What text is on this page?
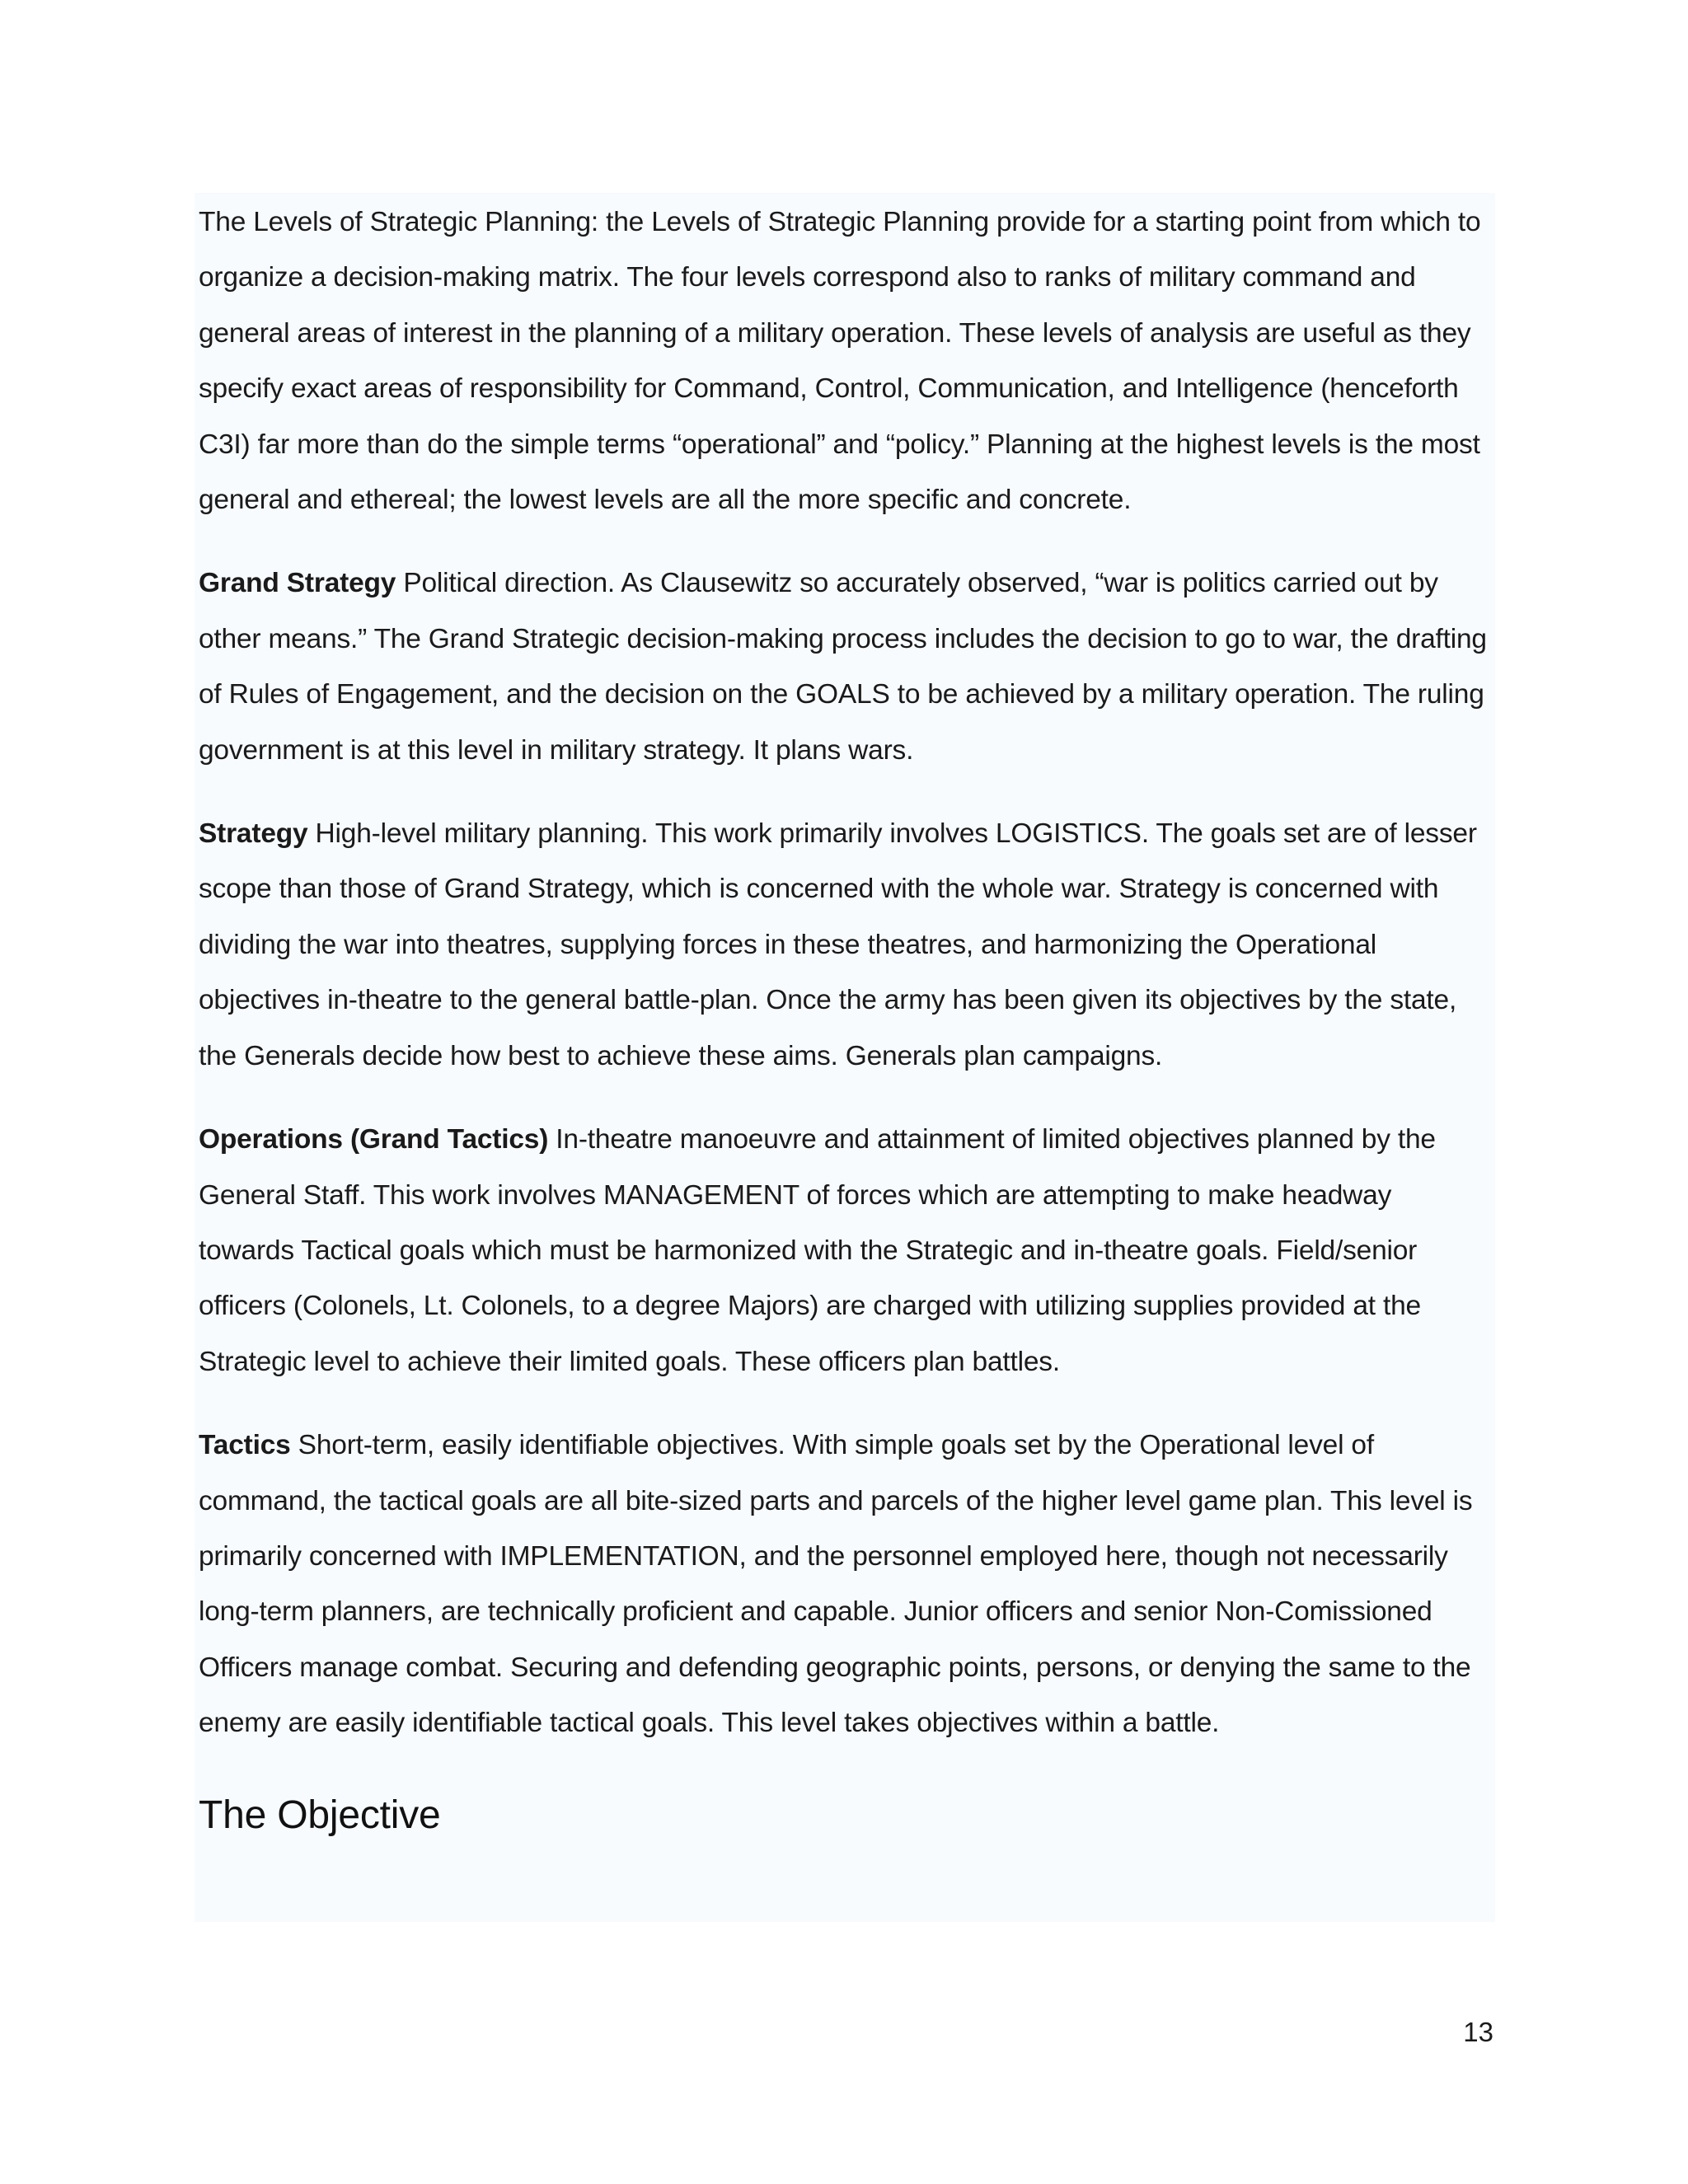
The Levels of Strategic Planning: the Levels of Strategic Planning provide for a starting point from which to organize a decision-making matrix. The four levels correspond also to ranks of military command and general areas of interest in the planning of a military operation. These levels of analysis are useful as they specify exact areas of responsibility for Command, Control, Communication, and Intelligence (henceforth C3I) far more than do the simple terms “operational” and “policy.” Planning at the highest levels is the most general and ethereal; the lowest levels are all the more specific and concrete.

Grand Strategy Political direction. As Clausewitz so accurately observed, “war is politics carried out by other means.” The Grand Strategic decision-making process includes the decision to go to war, the drafting of Rules of Engagement, and the decision on the GOALS to be achieved by a military operation. The ruling government is at this level in military strategy. It plans wars.

Strategy High-level military planning. This work primarily involves LOGISTICS. The goals set are of lesser scope than those of Grand Strategy, which is concerned with the whole war. Strategy is concerned with dividing the war into theatres, supplying forces in these theatres, and harmonizing the Operational objectives in-theatre to the general battle-plan. Once the army has been given its objectives by the state, the Generals decide how best to achieve these aims. Generals plan campaigns.

Operations (Grand Tactics) In-theatre manoeuvre and attainment of limited objectives planned by the General Staff. This work involves MANAGEMENT of forces which are attempting to make headway towards Tactical goals which must be harmonized with the Strategic and in-theatre goals. Field/senior officers (Colonels, Lt. Colonels, to a degree Majors) are charged with utilizing supplies provided at the Strategic level to achieve their limited goals. These officers plan battles.

Tactics Short-term, easily identifiable objectives. With simple goals set by the Operational level of command, the tactical goals are all bite-sized parts and parcels of the higher level game plan. This level is primarily concerned with IMPLEMENTATION, and the personnel employed here, though not necessarily long-term planners, are technically proficient and capable. Junior officers and senior Non-Comissioned Officers manage combat. Securing and defending geographic points, persons, or denying the same to the enemy are easily identifiable tactical goals. This level takes objectives within a battle.

The Objective
13
